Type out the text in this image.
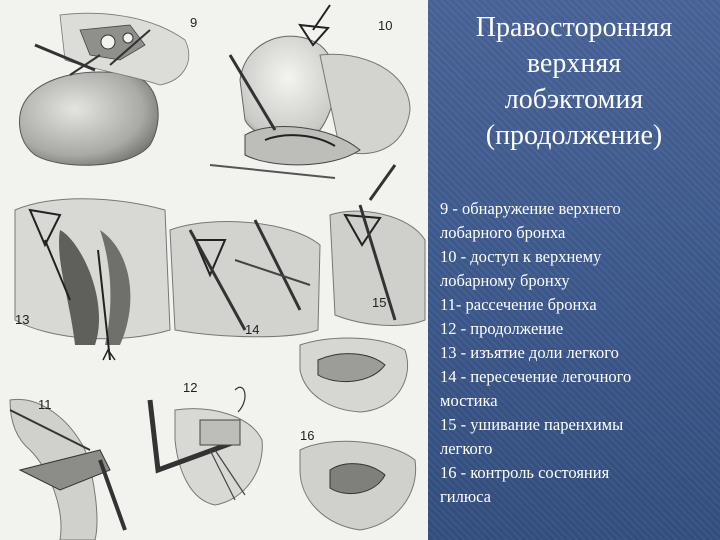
9	10
13
14
15
11
12
16
Правосторонняя
верхняя
лобэктомия
(продолжение)
9 - обнаружение верхнего
лобарного бронха
10 - доступ к верхнему
лобарному бронху
11- рассечение бронха
12 - продолжение
13 - изъятие доли легкого
14 - пересечение легочного
мостика
15 - ушивание паренхимы
легкого
16 - контроль состояния
гилюса
